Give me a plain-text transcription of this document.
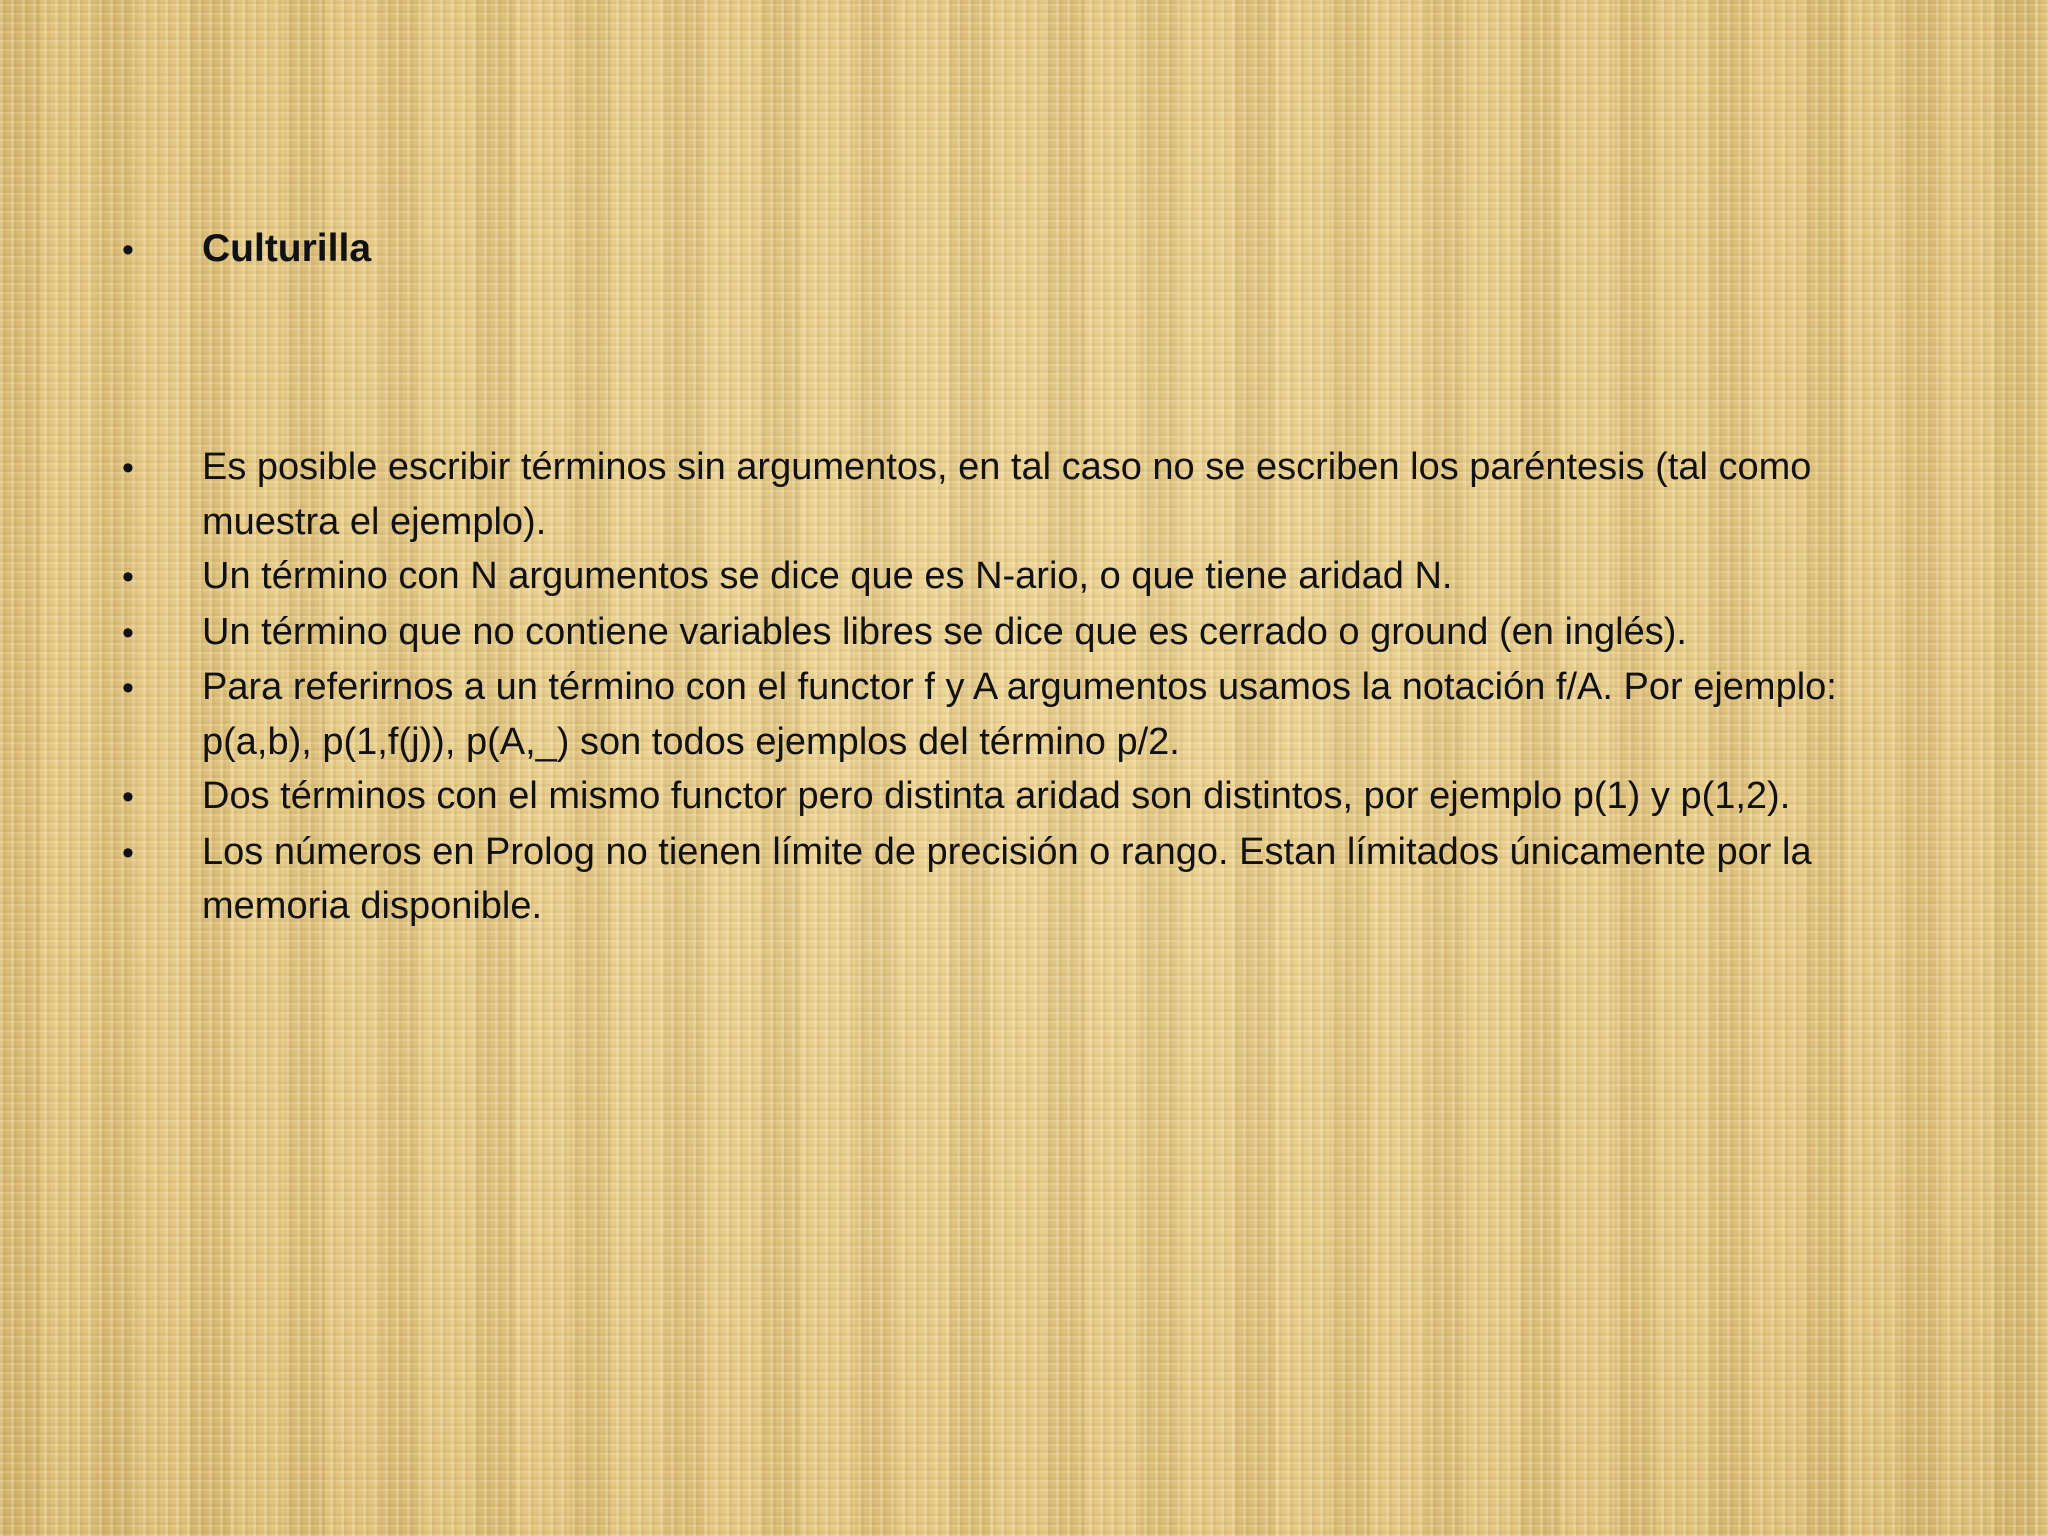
•	Culturilla
•	Es posible escribir términos sin argumentos, en tal caso no se escriben los paréntesis (tal como muestra el ejemplo).
•	Un término con N argumentos se dice que es N-ario, o que tiene aridad N.
•	Un término que no contiene variables libres se dice que es cerrado o ground (en inglés).
•	Para referirnos a un término con el functor f y A argumentos usamos la notación f/A. Por ejemplo: p(a,b), p(1,f(j)), p(A,_) son todos ejemplos del término p/2.
•	Dos términos con el mismo functor pero distinta aridad son distintos, por ejemplo p(1) y p(1,2).
•	Los números en Prolog no tienen límite de precisión o rango. Estan límitados únicamente por la memoria disponible.
